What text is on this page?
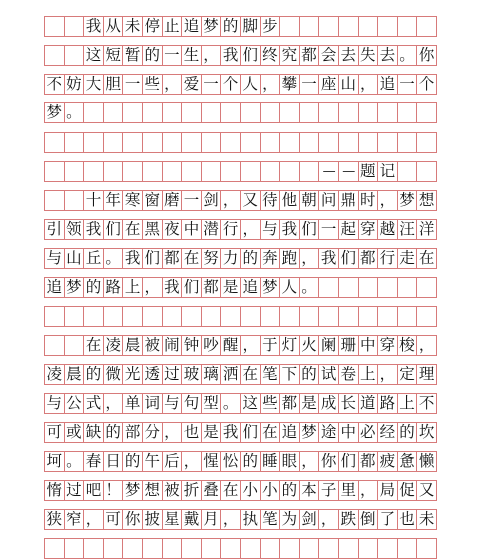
我 从 未 停 止 追 梦 的 脚 步
这 短 暂 的 一 生 ， 我 们 终 究 都 会 去 失 去 。 你
不 妨 大 胆 一 些 ， 爱 一 个 人 ， 攀 一 座 山 ， 追 一 个
梦 。
— — 题 记
十 年 寒 窗 磨 一 剑 ， 又 待 他 朝 问 鼎 时 ， 梦 想
引 领 我 们 在 黑 夜 中 潜 行 ， 与 我 们 一 起 穿 越 汪 洋
与 山 丘 。 我 们 都 在 努 力 的 奔 跑 ， 我 们 都 行 走 在
追 梦 的 路 上 ， 我 们 都 是 追 梦 人 。
在 凌 晨 被 闹 钟 吵 醒 ， 于 灯 火 阑 珊 中 穿 梭 ，
凌 晨 的 微 光 透 过 玻 璃 洒 在 笔 下 的 试 卷 上 ， 定 理
与 公 式 ， 单 词 与 句 型 。 这 些 都 是 成 长 道 路 上 不
可 或 缺 的 部 分 ， 也 是 我 们 在 追 梦 途 中 必 经 的 坎
坷 。 春 日 的 午 后 ， 惺 忪 的 睡 眼 ， 你 们 都 疲 惫 懒
惰 过 吧 ！ 梦 想 被 折 叠 在 小 小 的 本 子 里 ， 局 促 又
狭 窄 ， 可 你 披 星 戴 月 ， 执 笔 为 剑 ， 跌 倒 了 也 未
